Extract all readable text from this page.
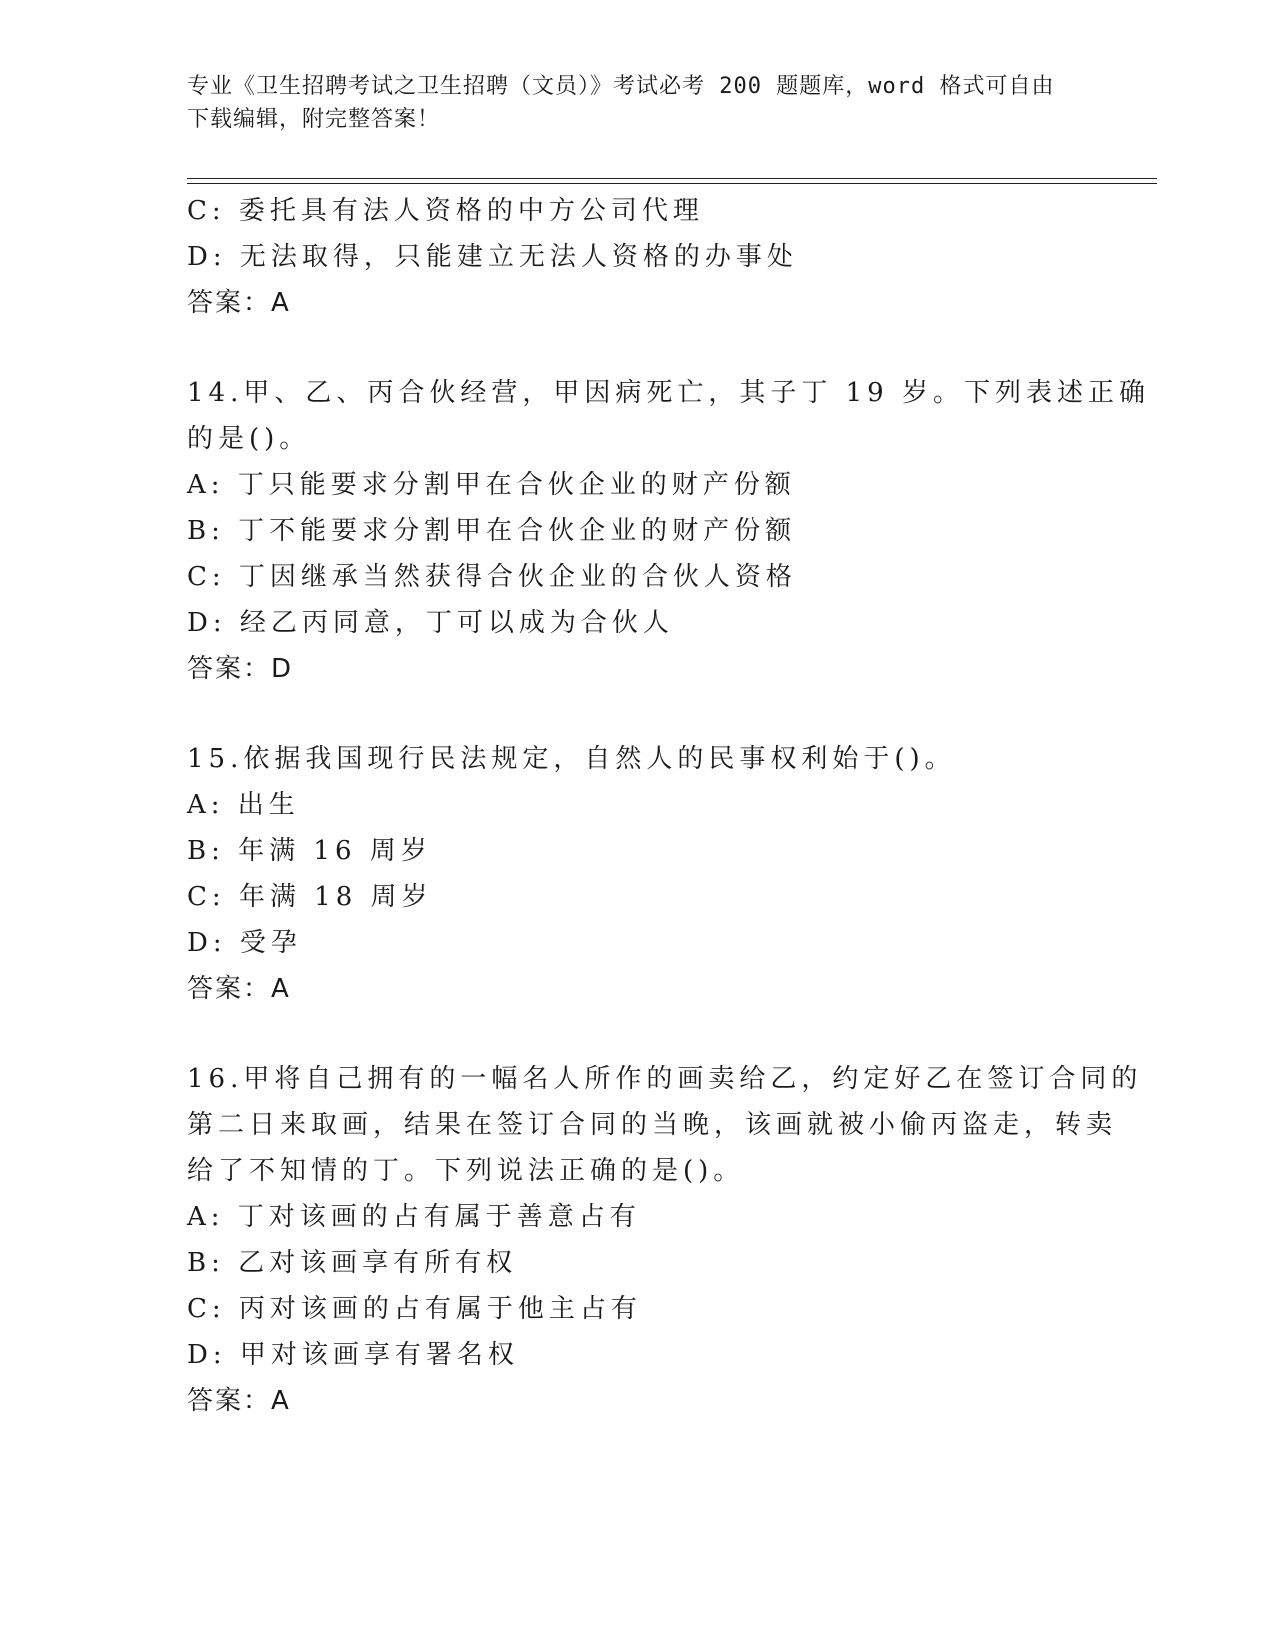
专业《卫生招聘考试之卫生招聘（文员）》考试必考 200 题题库，word 格式可自由下载编辑，附完整答案！
C: 委托具有法人资格的中方公司代理
D: 无法取得，只能建立无法人资格的办事处
答案：A
14.甲、乙、丙合伙经营，甲因病死亡，其子丁 19 岁。下列表述正确
的是()。
A: 丁只能要求分割甲在合伙企业的财产份额
B: 丁不能要求分割甲在合伙企业的财产份额
C: 丁因继承当然获得合伙企业的合伙人资格
D: 经乙丙同意，丁可以成为合伙人
答案：D
15.依据我国现行民法规定，自然人的民事权利始于()。
A: 出生
B: 年满 16 周岁
C: 年满 18 周岁
D: 受孕
答案：A
16.甲将自己拥有的一幅名人所作的画卖给乙，约定好乙在签订合同的
第二日来取画，结果在签订合同的当晚，该画就被小偷丙盗走，转卖
给了不知情的丁。下列说法正确的是()。
A: 丁对该画的占有属于善意占有
B: 乙对该画享有所有权
C: 丙对该画的占有属于他主占有
D: 甲对该画享有署名权
答案：A
